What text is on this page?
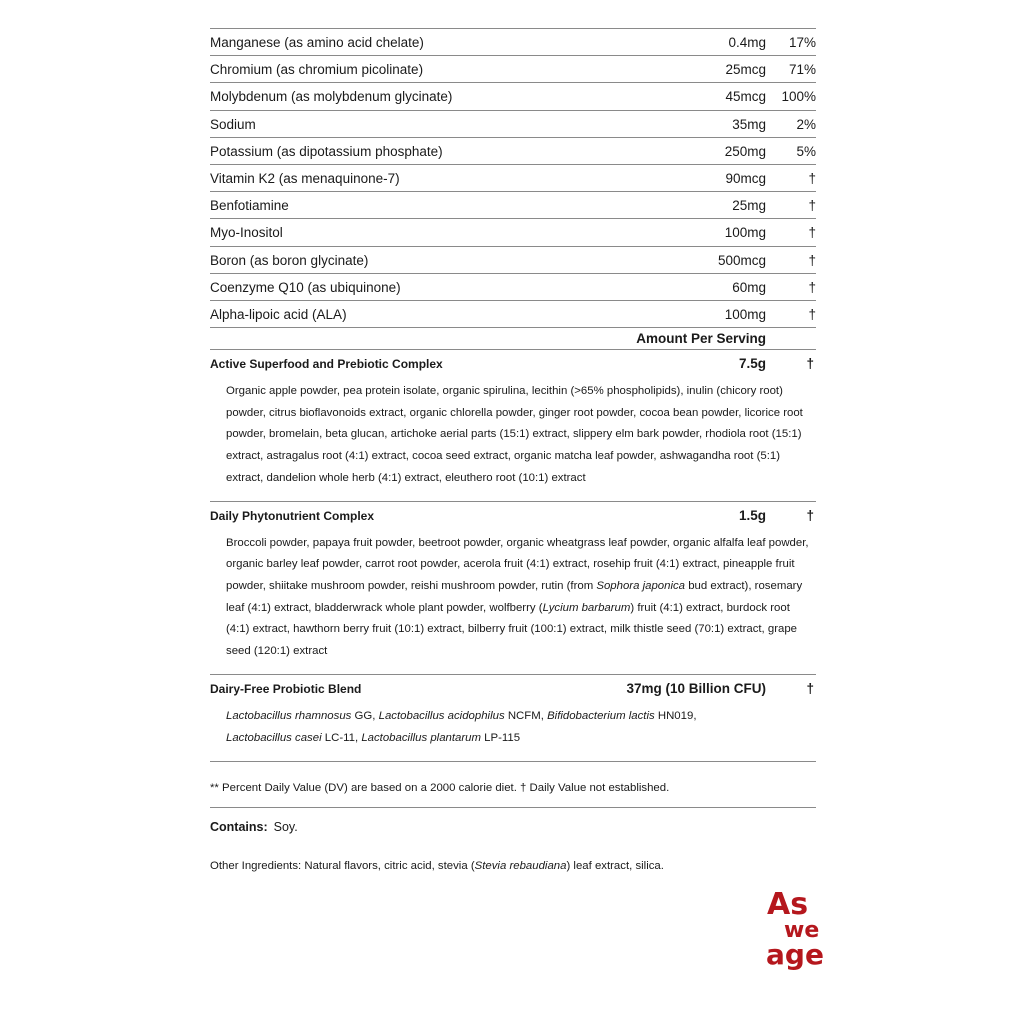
Manganese (as amino acid chelate)	0.4mg 17%
Chromium (as chromium picolinate)	25mcg 71%
Molybdenum (as molybdenum glycinate)	45mcg 100%
Sodium	35mg 2%
Potassium (as dipotassium phosphate)	250mg 5%
Vitamin K2 (as menaquinone-7)	90mcg	†
Benfotiamine	25mg	†
Myo-Inositol	100mg	†
Boron (as boron glycinate)	500mcg	†
Coenzyme Q10 (as ubiquinone)	60mg	†
Alpha-lipoic acid (ALA)	100mg	†
Amount Per Serving
Active Superfood and Prebiotic Complex	7.5g	†

Organic apple powder, pea protein isolate, organic spirulina, lecithin (>65% phospholipids), inulin (chicory root) powder, citrus bioflavonoids extract, organic chlorella powder, ginger root powder, cocoa bean powder, licorice root powder, bromelain, beta glucan, artichoke aerial parts (15:1) extract, slippery elm bark powder, rhodiola root (15:1) extract, astragalus root (4:1) extract, cocoa seed extract, organic matcha leaf powder, ashwagandha root (5:1) extract, dandelion whole herb (4:1) extract, eleuthero root (10:1) extract

Daily Phytonutrient Complex	1.5g	†

Broccoli powder, papaya fruit powder, beetroot powder, organic wheatgrass leaf powder, organic alfalfa leaf powder, organic barley leaf powder, carrot root powder, acerola fruit (4:1) extract, rosehip fruit (4:1) extract, pineapple fruit powder, shiitake mushroom powder, reishi mushroom powder, rutin (from Sophora japonica bud extract), rosemary leaf (4:1) extract, bladderwrack whole plant powder, wolfberry (Lycium barbarum) fruit (4:1) extract, burdock root (4:1) extract, hawthorn berry fruit (10:1) extract, bilberry fruit (100:1) extract, milk thistle seed (70:1) extract, grape seed (120:1) extract

Dairy-Free Probiotic Blend	37mg (10 Billion CFU)	†

Lactobacillus rhamnosus GG, Lactobacillus acidophilus NCFM, Bifidobacterium lactis HN019,
Lactobacillus casei LC-11, Lactobacillus plantarum LP-115

** Percent Daily Value (DV) are based on a 2000 calorie diet. † Daily Value not established.
Contains: Soy.
Other Ingredients: Natural flavors, citric acid, stevia (Stevia rebaudiana) leaf extract, silica.
As
we
age
